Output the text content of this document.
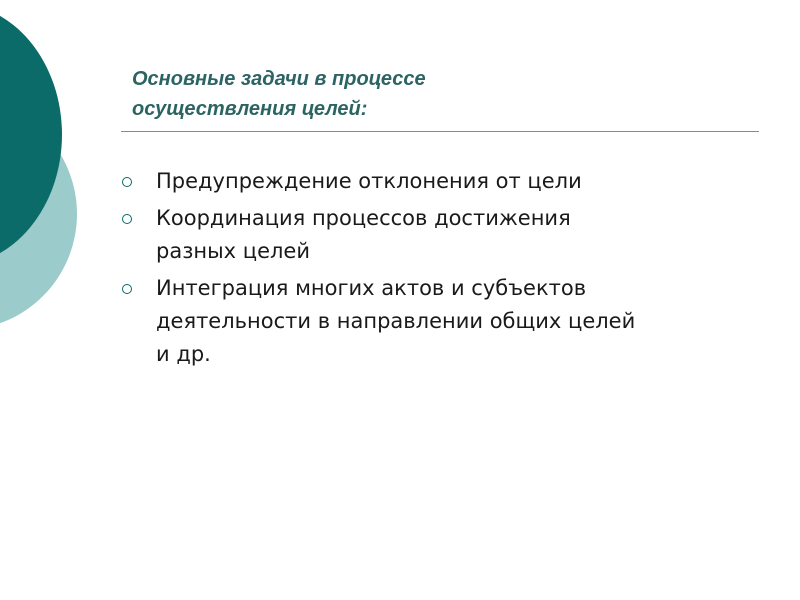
Основные задачи в процессе
осуществления целей:
Предупреждение отклонения от цели
Координация процессов достижения
разных целей
Интеграция многих актов и субъектов
деятельности в направлении общих целей
и др.
